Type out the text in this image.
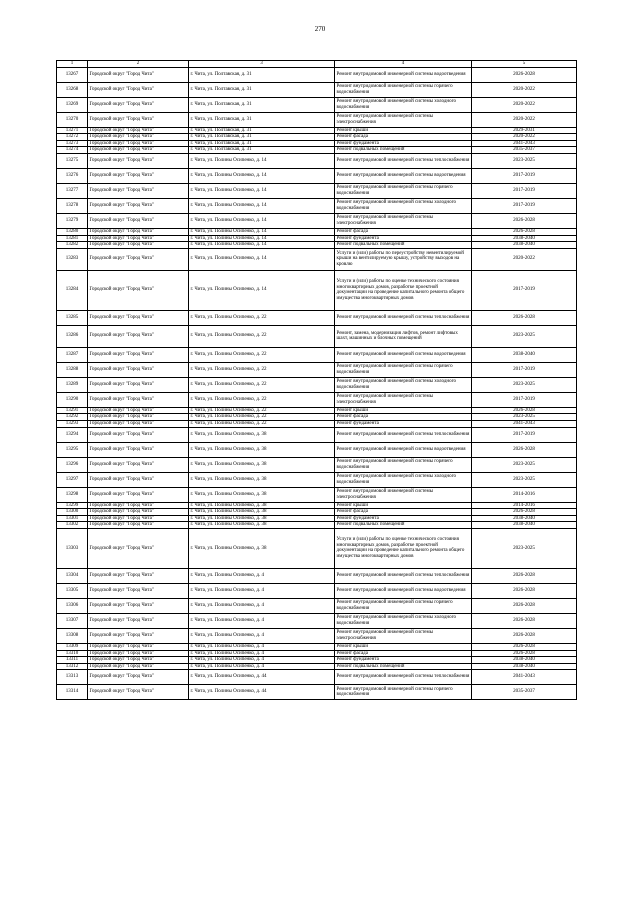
270
1	2	3	4	5
13267	Городской округ "Город Чита"	г. Чита, ул. Полтавская, д. 31	Ремонт внутридомовой инженерной системы водоотведения	2026-2028
13268	Городской округ "Город Чита"	г. Чита, ул. Полтавская, д. 31	Ремонт внутридомовой инженерной системы горячего водоснабжения	2020-2022
13269	Городской округ "Город Чита"	г. Чита, ул. Полтавская, д. 31	Ремонт внутридомовой инженерной системы холодного водоснабжения	2020-2022
13270	Городской округ "Город Чита"	г. Чита, ул. Полтавская, д. 31	Ремонт внутридомовой инженерной системы электроснабжения	2020-2022
13271	Городской округ "Город Чита"	г. Чита, ул. Полтавская, д. 31	Ремонт крыши	2029-2031
13272	Городской округ "Город Чита"	г. Чита, ул. Полтавская, д. 31	Ремонт фасада	2020-2022
13273	Городской округ "Город Чита"	г. Чита, ул. Полтавская, д. 31	Ремонт фундамента	2041-2043
13274	Городской округ "Город Чита"	г. Чита, ул. Полтавская, д. 31	Ремонт подвальных помещений	2035-2037
13275	Городской округ "Город Чита"	г. Чита, ул. Полины Осипенко, д. 14	Ремонт внутридомовой инженерной системы теплоснабжения	2023-2025
13276	Городской округ "Город Чита"	г. Чита, ул. Полины Осипенко, д. 14	Ремонт внутридомовой инженерной системы водоотведения	2017-2019
13277	Городской округ "Город Чита"	г. Чита, ул. Полины Осипенко, д. 14	Ремонт внутридомовой инженерной системы горячего водоснабжения	2017-2019
13278	Городской округ "Город Чита"	г. Чита, ул. Полины Осипенко, д. 14	Ремонт внутридомовой инженерной системы холодного водоснабжения	2017-2019
13279	Городской округ "Город Чита"	г. Чита, ул. Полины Осипенко, д. 14	Ремонт внутридомовой инженерной системы электроснабжения	2026-2028
13280	Городской округ "Город Чита"	г. Чита, ул. Полины Осипенко, д. 14	Ремонт фасада	2026-2028
13281	Городской округ "Город Чита"	г. Чита, ул. Полины Осипенко, д. 14	Ремонт фундамента	2038-2040
13282	Городской округ "Город Чита"	г. Чита, ул. Полины Осипенко, д. 14	Ремонт подвальных помещений	2038-2040
13283	Городской округ "Город Чита"	г. Чита, ул. Полины Осипенко, д. 14	Услуги и (или) работы по переустройству невентилируемой крыши на вентилируемую крышу, устройству выходов на кровлю	2020-2022
13284	Городской округ "Город Чита"	г. Чита, ул. Полины Осипенко, д. 14	Услуги и (или) работы по оценке технического состояния многоквартирных домов, разработке проектной документации на проведение капитального ремонта общего имущества многоквартирных домов	2017-2019
13285	Городской округ "Город Чита"	г. Чита, ул. Полины Осипенко, д. 22	Ремонт внутридомовой инженерной системы теплоснабжения	2026-2028
13286	Городской округ "Город Чита"	г. Чита, ул. Полины Осипенко, д. 22	Ремонт, замена, модернизация лифтов, ремонт лифтовых шахт, машинных и блочных помещений	2023-2025
13287	Городской округ "Город Чита"	г. Чита, ул. Полины Осипенко, д. 22	Ремонт внутридомовой инженерной системы водоотведения	2038-2040
13288	Городской округ "Город Чита"	г. Чита, ул. Полины Осипенко, д. 22	Ремонт внутридомовой инженерной системы горячего водоснабжения	2017-2019
13289	Городской округ "Город Чита"	г. Чита, ул. Полины Осипенко, д. 22	Ремонт внутридомовой инженерной системы холодного водоснабжения	2023-2025
13290	Городской округ "Город Чита"	г. Чита, ул. Полины Осипенко, д. 22	Ремонт внутридомовой инженерной системы электроснабжения	2017-2019
13291	Городской округ "Город Чита"	г. Чита, ул. Полины Осипенко, д. 22	Ремонт крыши	2026-2028
13292	Городской округ "Город Чита"	г. Чита, ул. Полины Осипенко, д. 22	Ремонт фасада	2023-2025
13293	Городской округ "Город Чита"	г. Чита, ул. Полины Осипенко, д. 22	Ремонт фундамента	2041-2043
13294	Городской округ "Город Чита"	г. Чита, ул. Полины Осипенко, д. 38	Ремонт внутридомовой инженерной системы теплоснабжения	2017-2019
13295	Городской округ "Город Чита"	г. Чита, ул. Полины Осипенко, д. 38	Ремонт внутридомовой инженерной системы водоотведения	2026-2028
13296	Городской округ "Город Чита"	г. Чита, ул. Полины Осипенко, д. 38	Ремонт внутридомовой инженерной системы горячего водоснабжения	2023-2025
13297	Городской округ "Город Чита"	г. Чита, ул. Полины Осипенко, д. 38	Ремонт внутридомовой инженерной системы холодного водоснабжения	2023-2025
13298	Городской округ "Город Чита"	г. Чита, ул. Полины Осипенко, д. 38	Ремонт внутридомовой инженерной системы электроснабжения	2014-2016
13299	Городской округ "Город Чита"	г. Чита, ул. Полины Осипенко, д. 38	Ремонт крыши	2014-2016
13300	Городской округ "Город Чита"	г. Чита, ул. Полины Осипенко, д. 38	Ремонт фасада	2026-2028
13301	Городской округ "Город Чита"	г. Чита, ул. Полины Осипенко, д. 38	Ремонт фундамента	2038-2040
13302	Городской округ "Город Чита"	г. Чита, ул. Полины Осипенко, д. 38	Ремонт подвальных помещений	2038-2040
13303	Городской округ "Город Чита"	г. Чита, ул. Полины Осипенко, д. 38	Услуги и (или) работы по оценке технического состояния многоквартирных домов, разработке проектной документации на проведение капитального ремонта общего имущества многоквартирных домов	2023-2025
13304	Городской округ "Город Чита"	г. Чита, ул. Полины Осипенко, д. 4	Ремонт внутридомовой инженерной системы теплоснабжения	2026-2028
13305	Городской округ "Город Чита"	г. Чита, ул. Полины Осипенко, д. 4	Ремонт внутридомовой инженерной системы водоотведения	2026-2028
13306	Городской округ "Город Чита"	г. Чита, ул. Полины Осипенко, д. 4	Ремонт внутридомовой инженерной системы горячего водоснабжения	2026-2028
13307	Городской округ "Город Чита"	г. Чита, ул. Полины Осипенко, д. 4	Ремонт внутридомовой инженерной системы холодного водоснабжения	2026-2028
13308	Городской округ "Город Чита"	г. Чита, ул. Полины Осипенко, д. 4	Ремонт внутридомовой инженерной системы электроснабжения	2026-2028
13309	Городской округ "Город Чита"	г. Чита, ул. Полины Осипенко, д. 4	Ремонт крыши	2026-2028
13310	Городской округ "Город Чита"	г. Чита, ул. Полины Осипенко, д. 4	Ремонт фасада	2026-2028
13311	Городской округ "Город Чита"	г. Чита, ул. Полины Осипенко, д. 4	Ремонт фундамента	2038-2040
13312	Городской округ "Город Чита"	г. Чита, ул. Полины Осипенко, д. 4	Ремонт подвальных помещений	2038-2040
13313	Городской округ "Город Чита"	г. Чита, ул. Полины Осипенко, д. 44	Ремонт внутридомовой инженерной системы теплоснабжения	2041-2043
13314	Городской округ "Город Чита"	г. Чита, ул. Полины Осипенко, д. 44	Ремонт внутридомовой инженерной системы горячего водоснабжения	2035-2037
